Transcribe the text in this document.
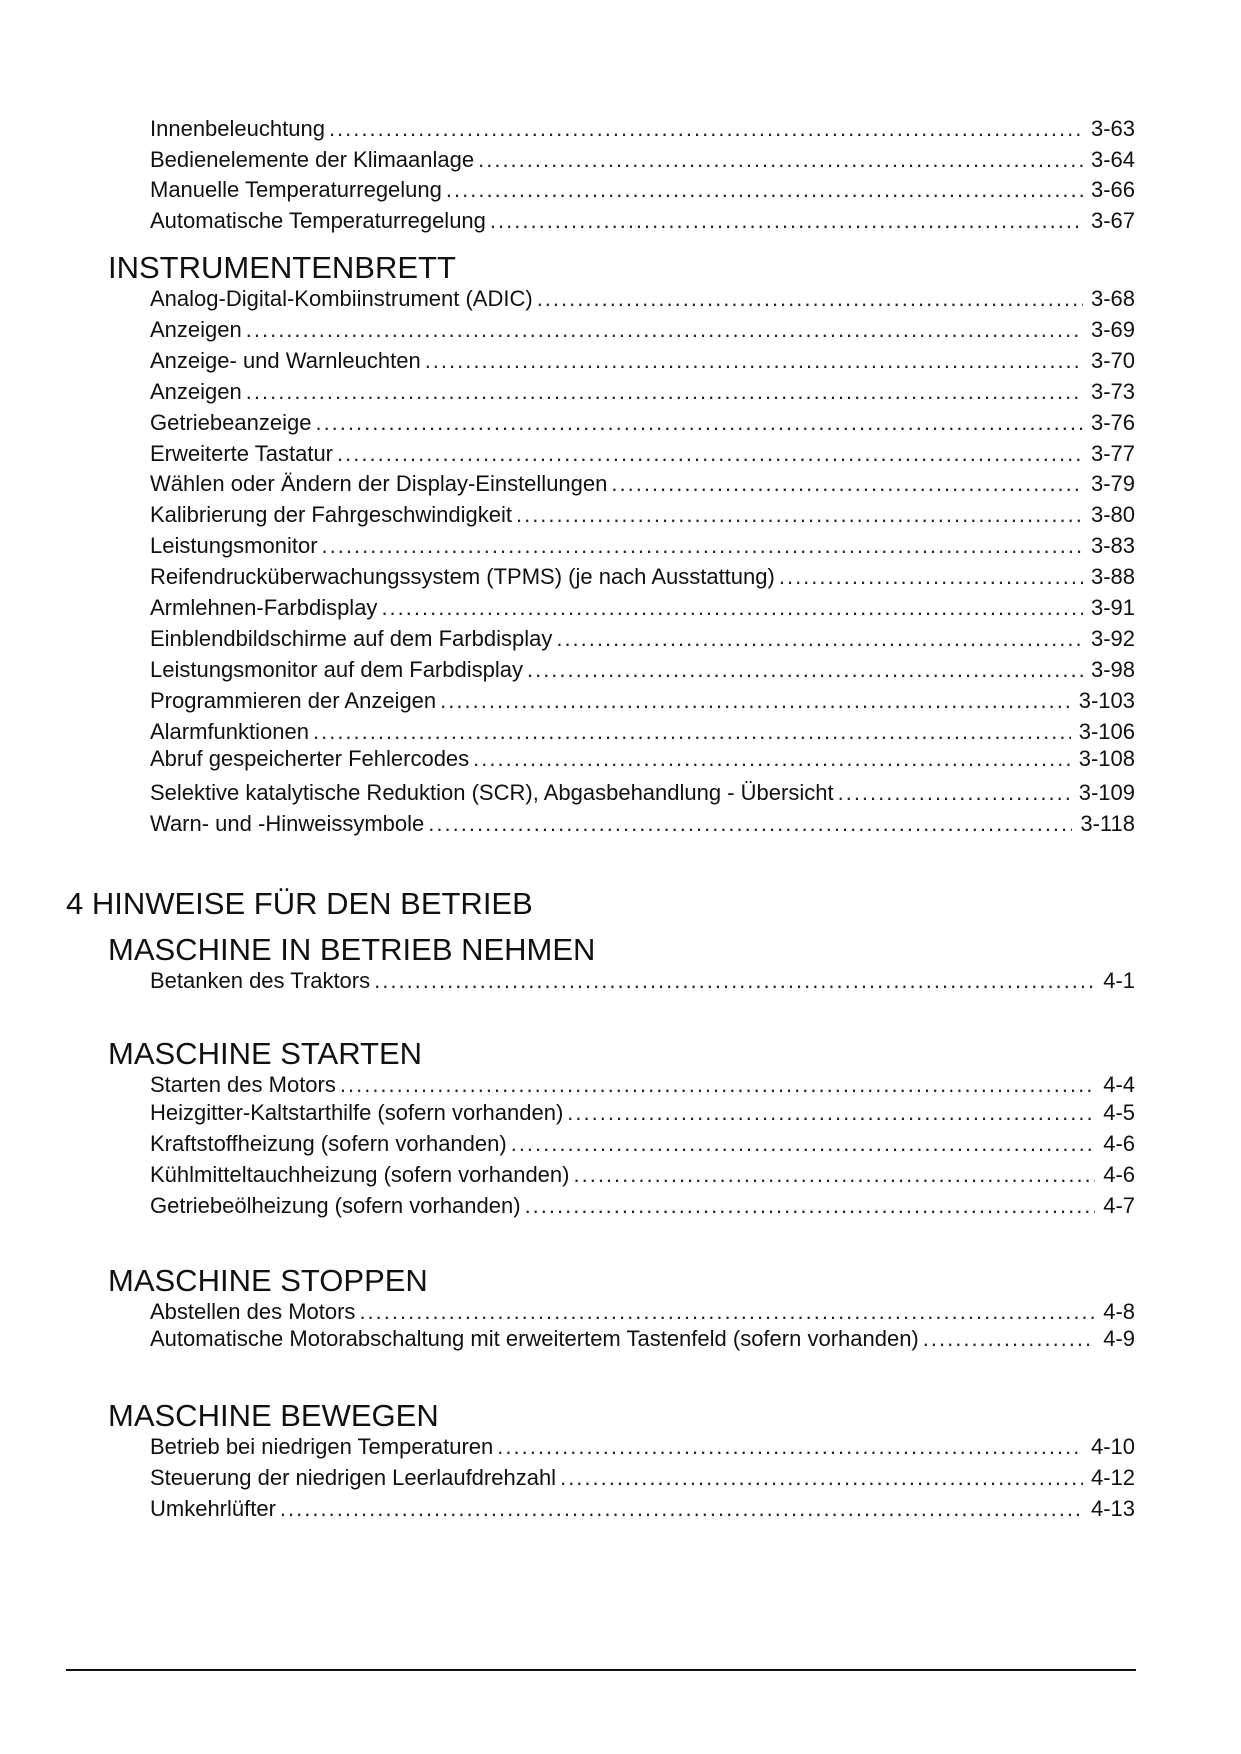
Innenbeleuchtung .....	3-63
Bedienelemente der Klimaanlage .....	3-64
Manuelle Temperaturregelung .....	3-66
Automatische Temperaturregelung .....	3-67
INSTRUMENTENBRETT
Analog-Digital-Kombiinstrument (ADIC) .....	3-68
Anzeigen .....	3-69
Anzeige- und Warnleuchten .....	3-70
Anzeigen .....	3-73
Getriebeanzeige .....	3-76
Erweiterte Tastatur .....	3-77
Wählen oder Ändern der Display-Einstellungen .....	3-79
Kalibrierung der Fahrgeschwindigkeit .....	3-80
Leistungsmonitor .....	3-83
Reifendrucküberwachungssystem (TPMS) (je nach Ausstattung) .....	3-88
Armlehnen-Farbdisplay .....	3-91
Einblendbildschirme auf dem Farbdisplay .....	3-92
Leistungsmonitor auf dem Farbdisplay .....	3-98
Programmieren der Anzeigen .....	3-103
Alarmfunktionen .....	3-106
Abruf gespeicherter Fehlercodes .....	3-108
Selektive katalytische Reduktion (SCR), Abgasbehandlung - Übersicht .....	3-109
Warn- und -Hinweissymbole .....	3-118
4 HINWEISE FÜR DEN BETRIEB
MASCHINE IN BETRIEB NEHMEN
Betanken des Traktors .....	4-1
MASCHINE STARTEN
Starten des Motors .....	4-4
Heizgitter-Kaltstarthilfe (sofern vorhanden) .....	4-5
Kraftstoffheizung (sofern vorhanden) .....	4-6
Kühlmitteltauchheizung (sofern vorhanden) .....	4-6
Getriebeölheizung (sofern vorhanden) .....	4-7
MASCHINE STOPPEN
Abstellen des Motors .....	4-8
Automatische Motorabschaltung mit erweitertem Tastenfeld (sofern vorhanden) .....	4-9
MASCHINE BEWEGEN
Betrieb bei niedrigen Temperaturen .....	4-10
Steuerung der niedrigen Leerlaufdrehzahl .....	4-12
Umkehrlüfter .....	4-13
